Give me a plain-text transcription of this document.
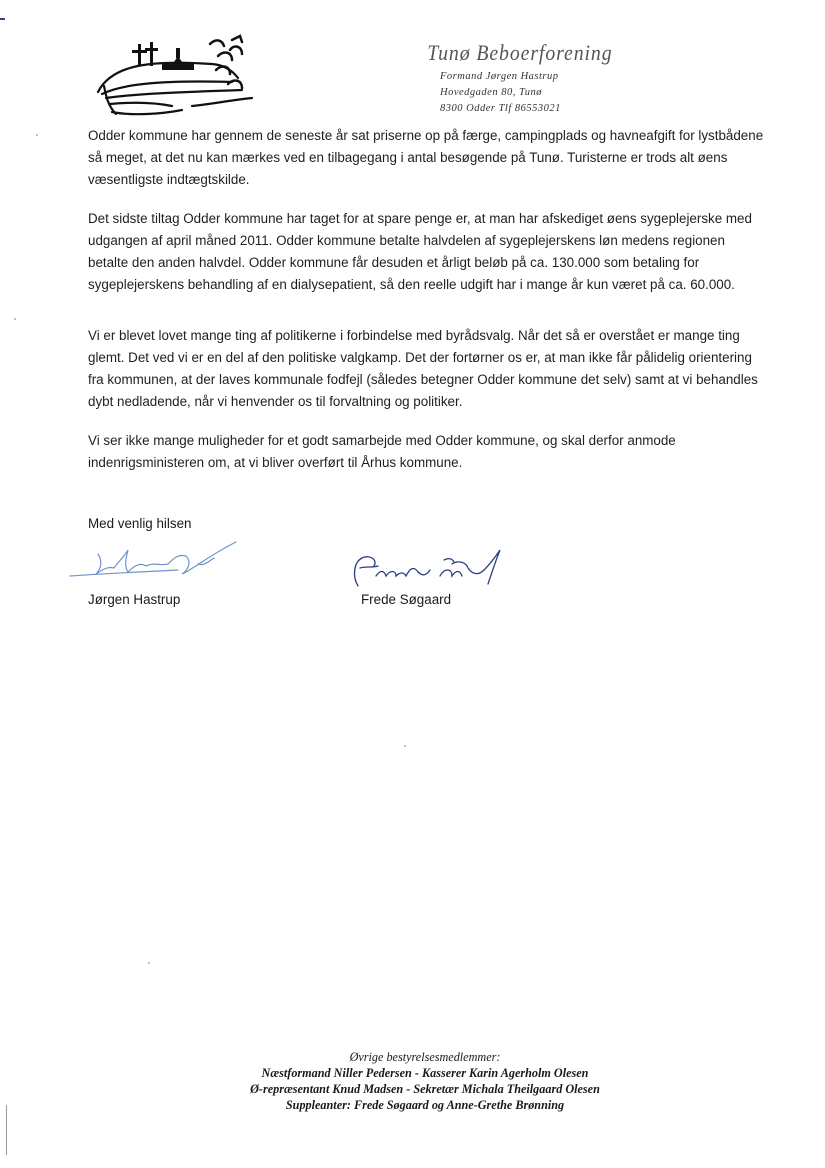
Tunø Beboerforening
Formand Jørgen Hastrup
Hovedgaden 80, Tunø
8300 Odder Tlf 86553021
Odder kommune har gennem de seneste år sat priserne op på færge, campingplads og havneafgift for lystbådene så meget, at det nu kan mærkes ved en tilbagegang i antal besøgende på Tunø. Turisterne er trods alt øens væsentligste indtægtskilde.
Det sidste tiltag Odder kommune har taget for at spare penge er, at man har afskediget øens sygeplejerske med udgangen af april måned 2011. Odder kommune betalte halvdelen af sygeplejerskens løn medens regionen betalte den anden halvdel. Odder kommune får desuden et årligt beløb på ca. 130.000 som betaling for sygeplejerskens behandling af en dialysepatient, så den reelle udgift har i mange år kun været på ca. 60.000.
Vi er blevet lovet mange ting af politikerne i forbindelse med byrådsvalg. Når det så er overstået er mange ting glemt. Det ved vi er en del af den politiske valgkamp. Det der fortørner os er, at man ikke får pålidelig orientering fra kommunen, at der laves kommunale fodfejl (således betegner Odder kommune det selv) samt at vi behandles dybt nedladende, når vi henvender os til forvaltning og politiker.
Vi ser ikke mange muligheder for et godt samarbejde med Odder kommune, og skal derfor anmode indenrigsministeren om, at vi bliver overført til Århus kommune.
Med venlig hilsen
Jørgen Hastrup	Frede Søgaard
Øvrige bestyrelsesmedlemmer:
Næstformand Niller Pedersen - Kasserer Karin Agerholm Olesen
Ø-repræsentant Knud Madsen - Sekretær Michala Theilgaard Olesen
Suppleanter: Frede Søgaard og Anne-Grethe Brønning
